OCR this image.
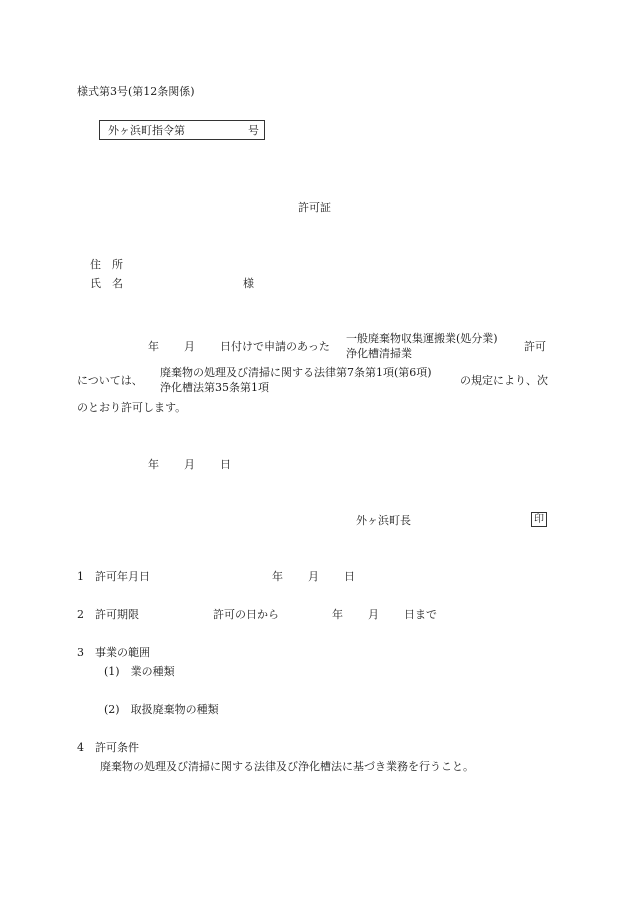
様式第3号(第12条関係)
外ヶ浜町指令第	号
許可証
住　所
氏　名	様
年 月 日付けで申請のあった
一般廃棄物収集運搬業(処分業)
浄化槽清掃業
許可
については、
廃棄物の処理及び清掃に関する法律第7条第1項(第6項)
浄化槽法第35条第1項
の規定により、次
のとおり許可します。
年 月 日
外ヶ浜町長	印
1　許可年月日	年 月 日
2　許可期限	許可の日から	年 月 日まで
3　事業の範囲
(1)　業の種類
(2)　取扱廃棄物の種類
4　許可条件
廃棄物の処理及び清掃に関する法律及び浄化槽法に基づき業務を行うこと。
